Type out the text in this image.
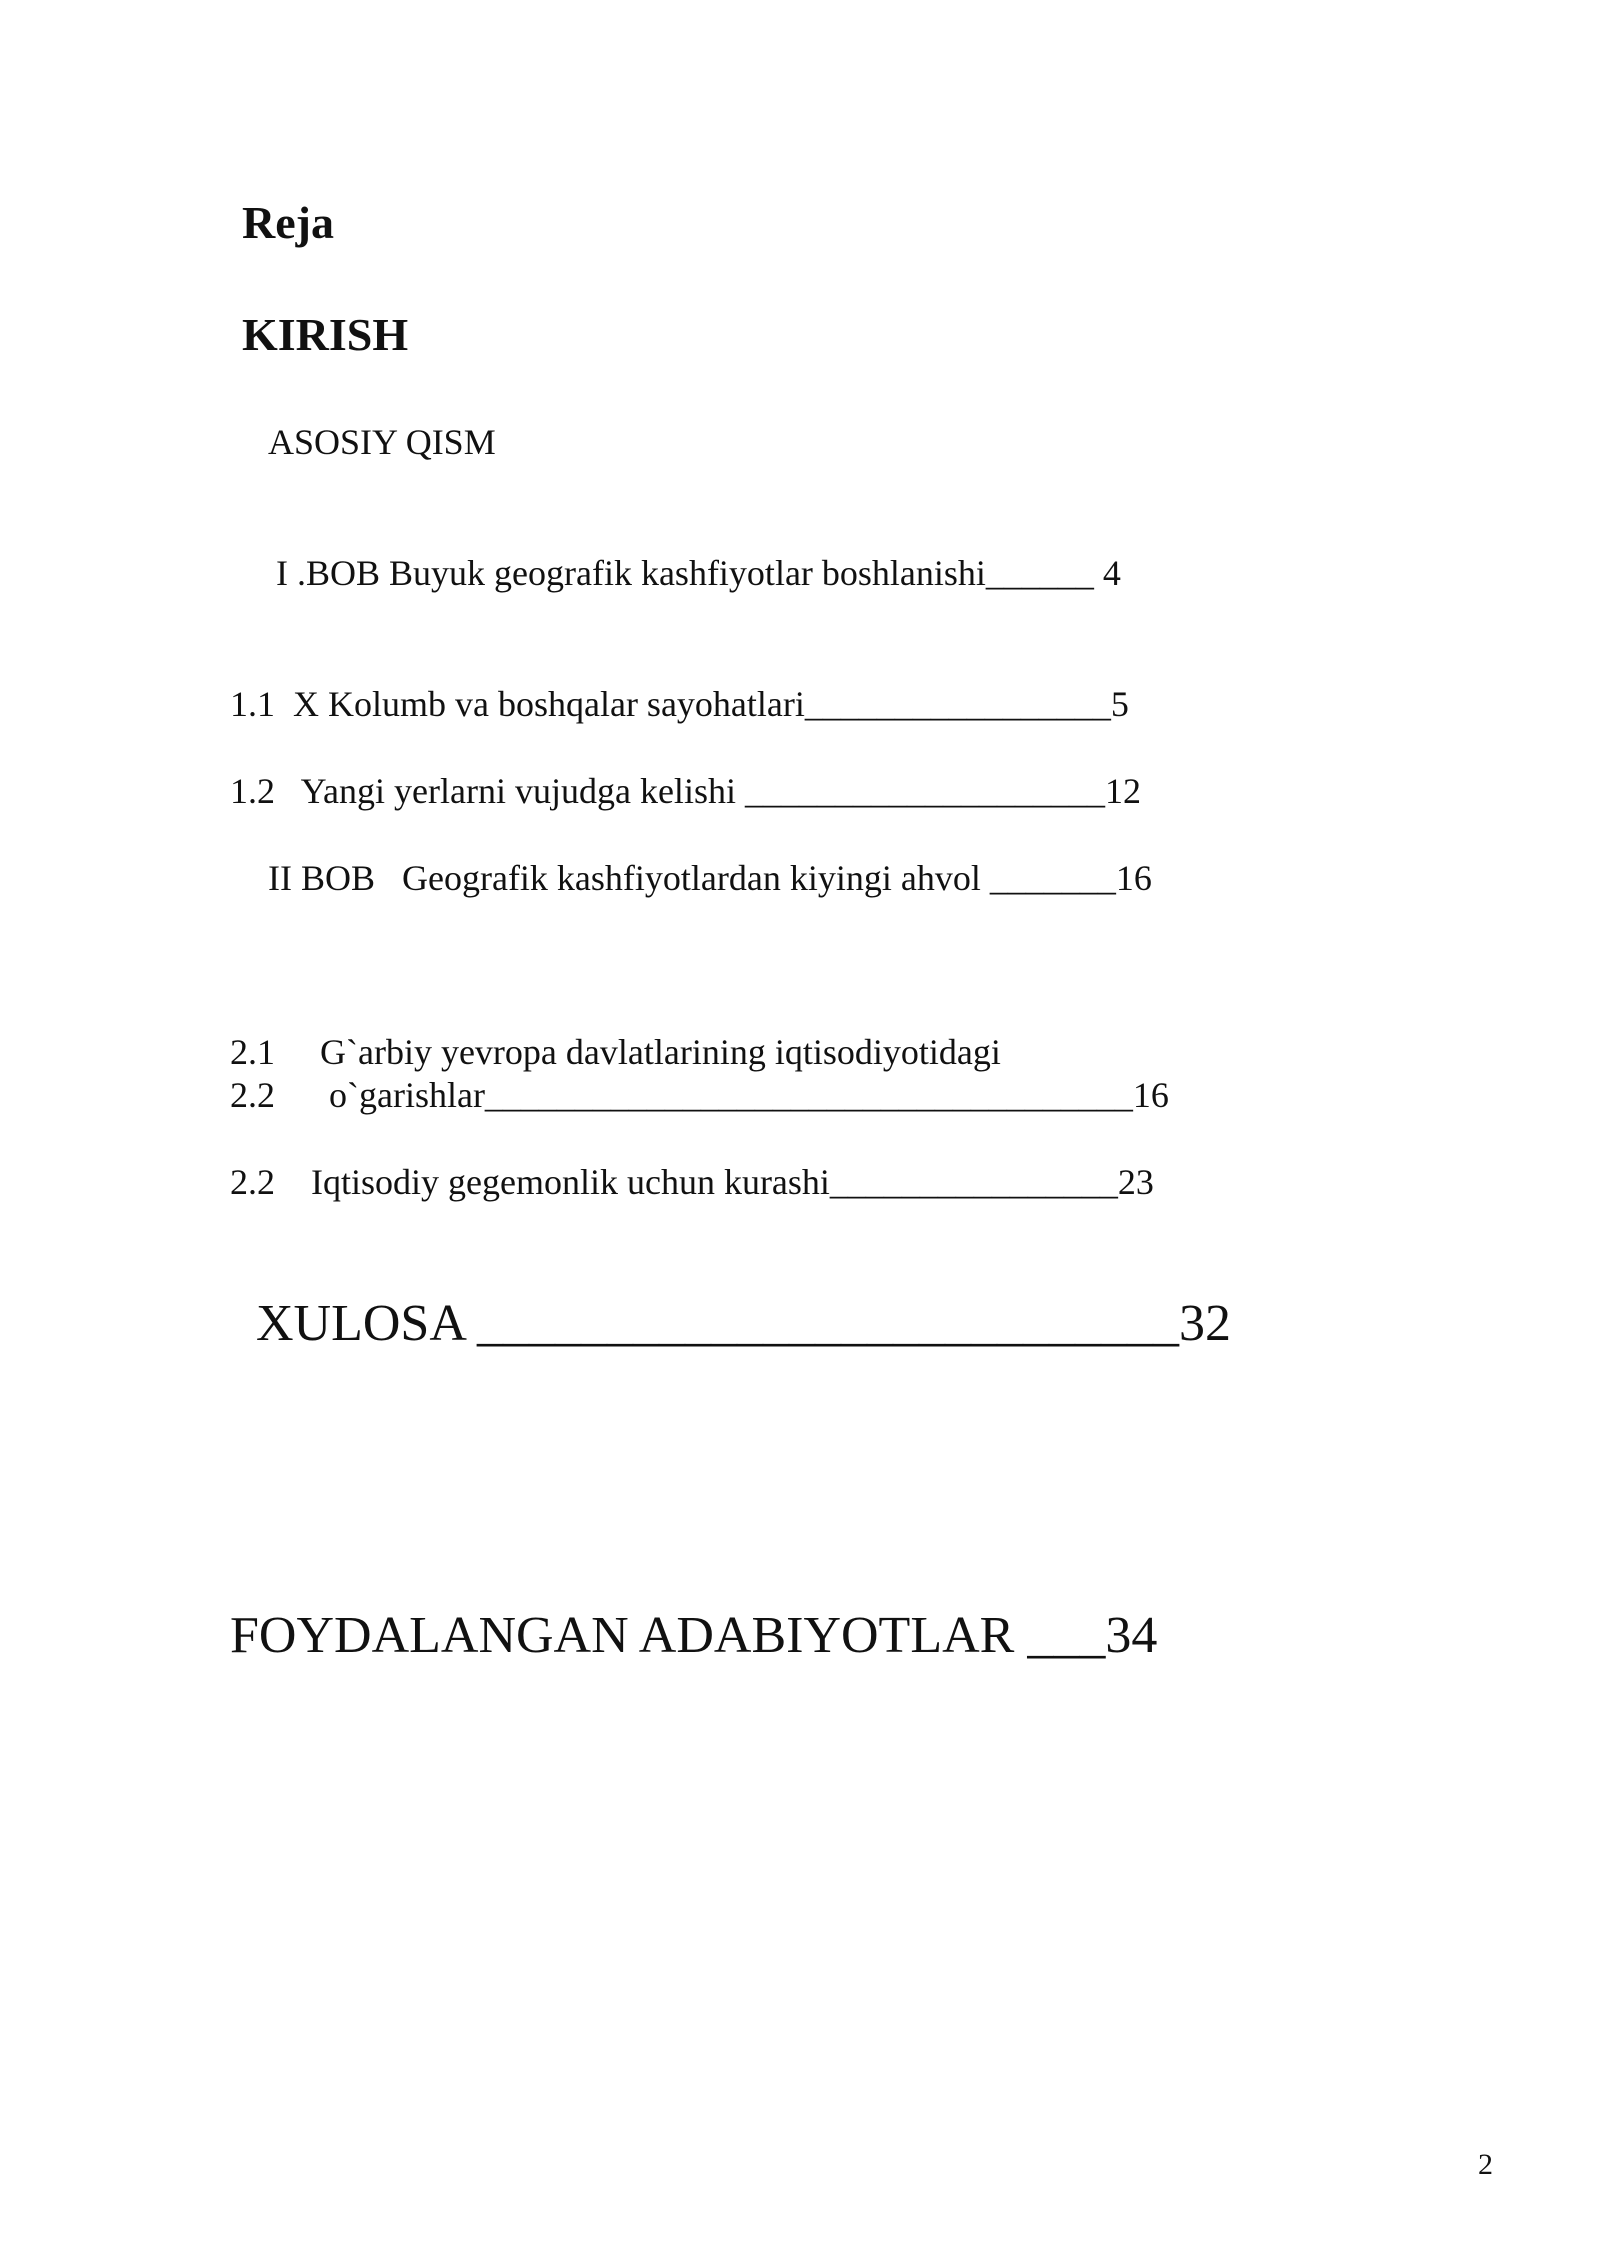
Reja
KIRISH
ASOSIY QISM
I .BOB Buyuk geografik kashfiyotlar boshlanishi______ 4
1.1  X Kolumb va boshqalar sayohatlari_________________5
1.2   Yangi yerlarni vujudga kelishi ____________________12
II BOB   Geografik kashfiyotlardan kiyingi ahvol _______16
2.1     G`arbiy yevropa davlatlarining iqtisodiyotidagi
2.2      o`garishlar____________________________________16
2.2    Iqtisodiy gegemonlik uchun kurashi________________23
XULOSA ___________________________32
FOYDALANGAN ADABIYOTLAR ___34
2
